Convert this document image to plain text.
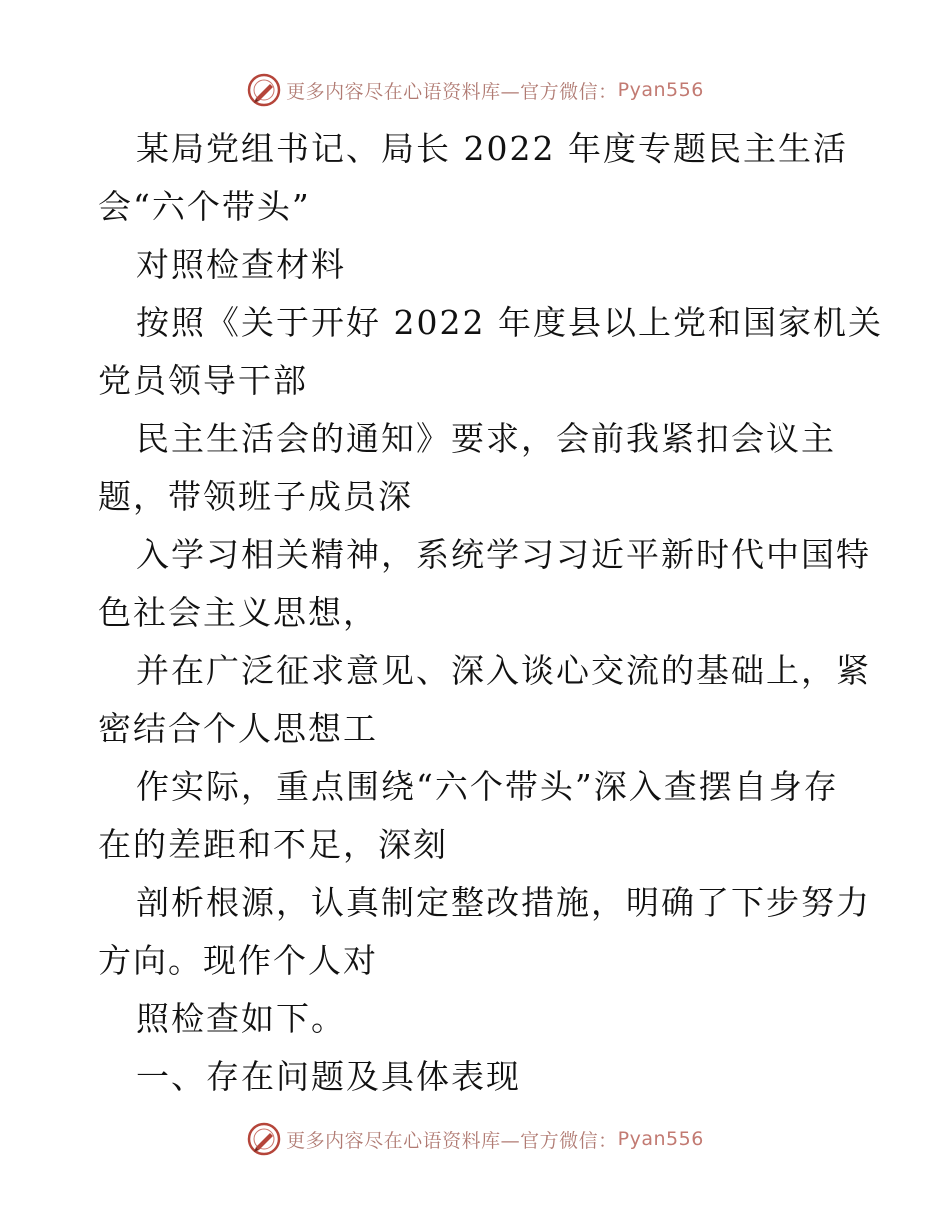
更多内容尽在心语资料库—官方微信： Pyan556
某局党组书记、局长 2022 年度专题民主生活
会“六个带头”
对照检查材料
按照《关于开好 2022 年度县以上党和国家机关
党员领导干部
民主生活会的通知》要求，会前我紧扣会议主
题，带领班子成员深
入学习相关精神，系统学习习近平新时代中国特
色社会主义思想，
并在广泛征求意见、深入谈心交流的基础上，紧
密结合个人思想工
作实际，重点围绕“六个带头”深入查摆自身存
在的差距和不足，深刻
剖析根源，认真制定整改措施，明确了下步努力
方向。现作个人对
照检查如下。
一、存在问题及具体表现
更多内容尽在心语资料库—官方微信： Pyan556
